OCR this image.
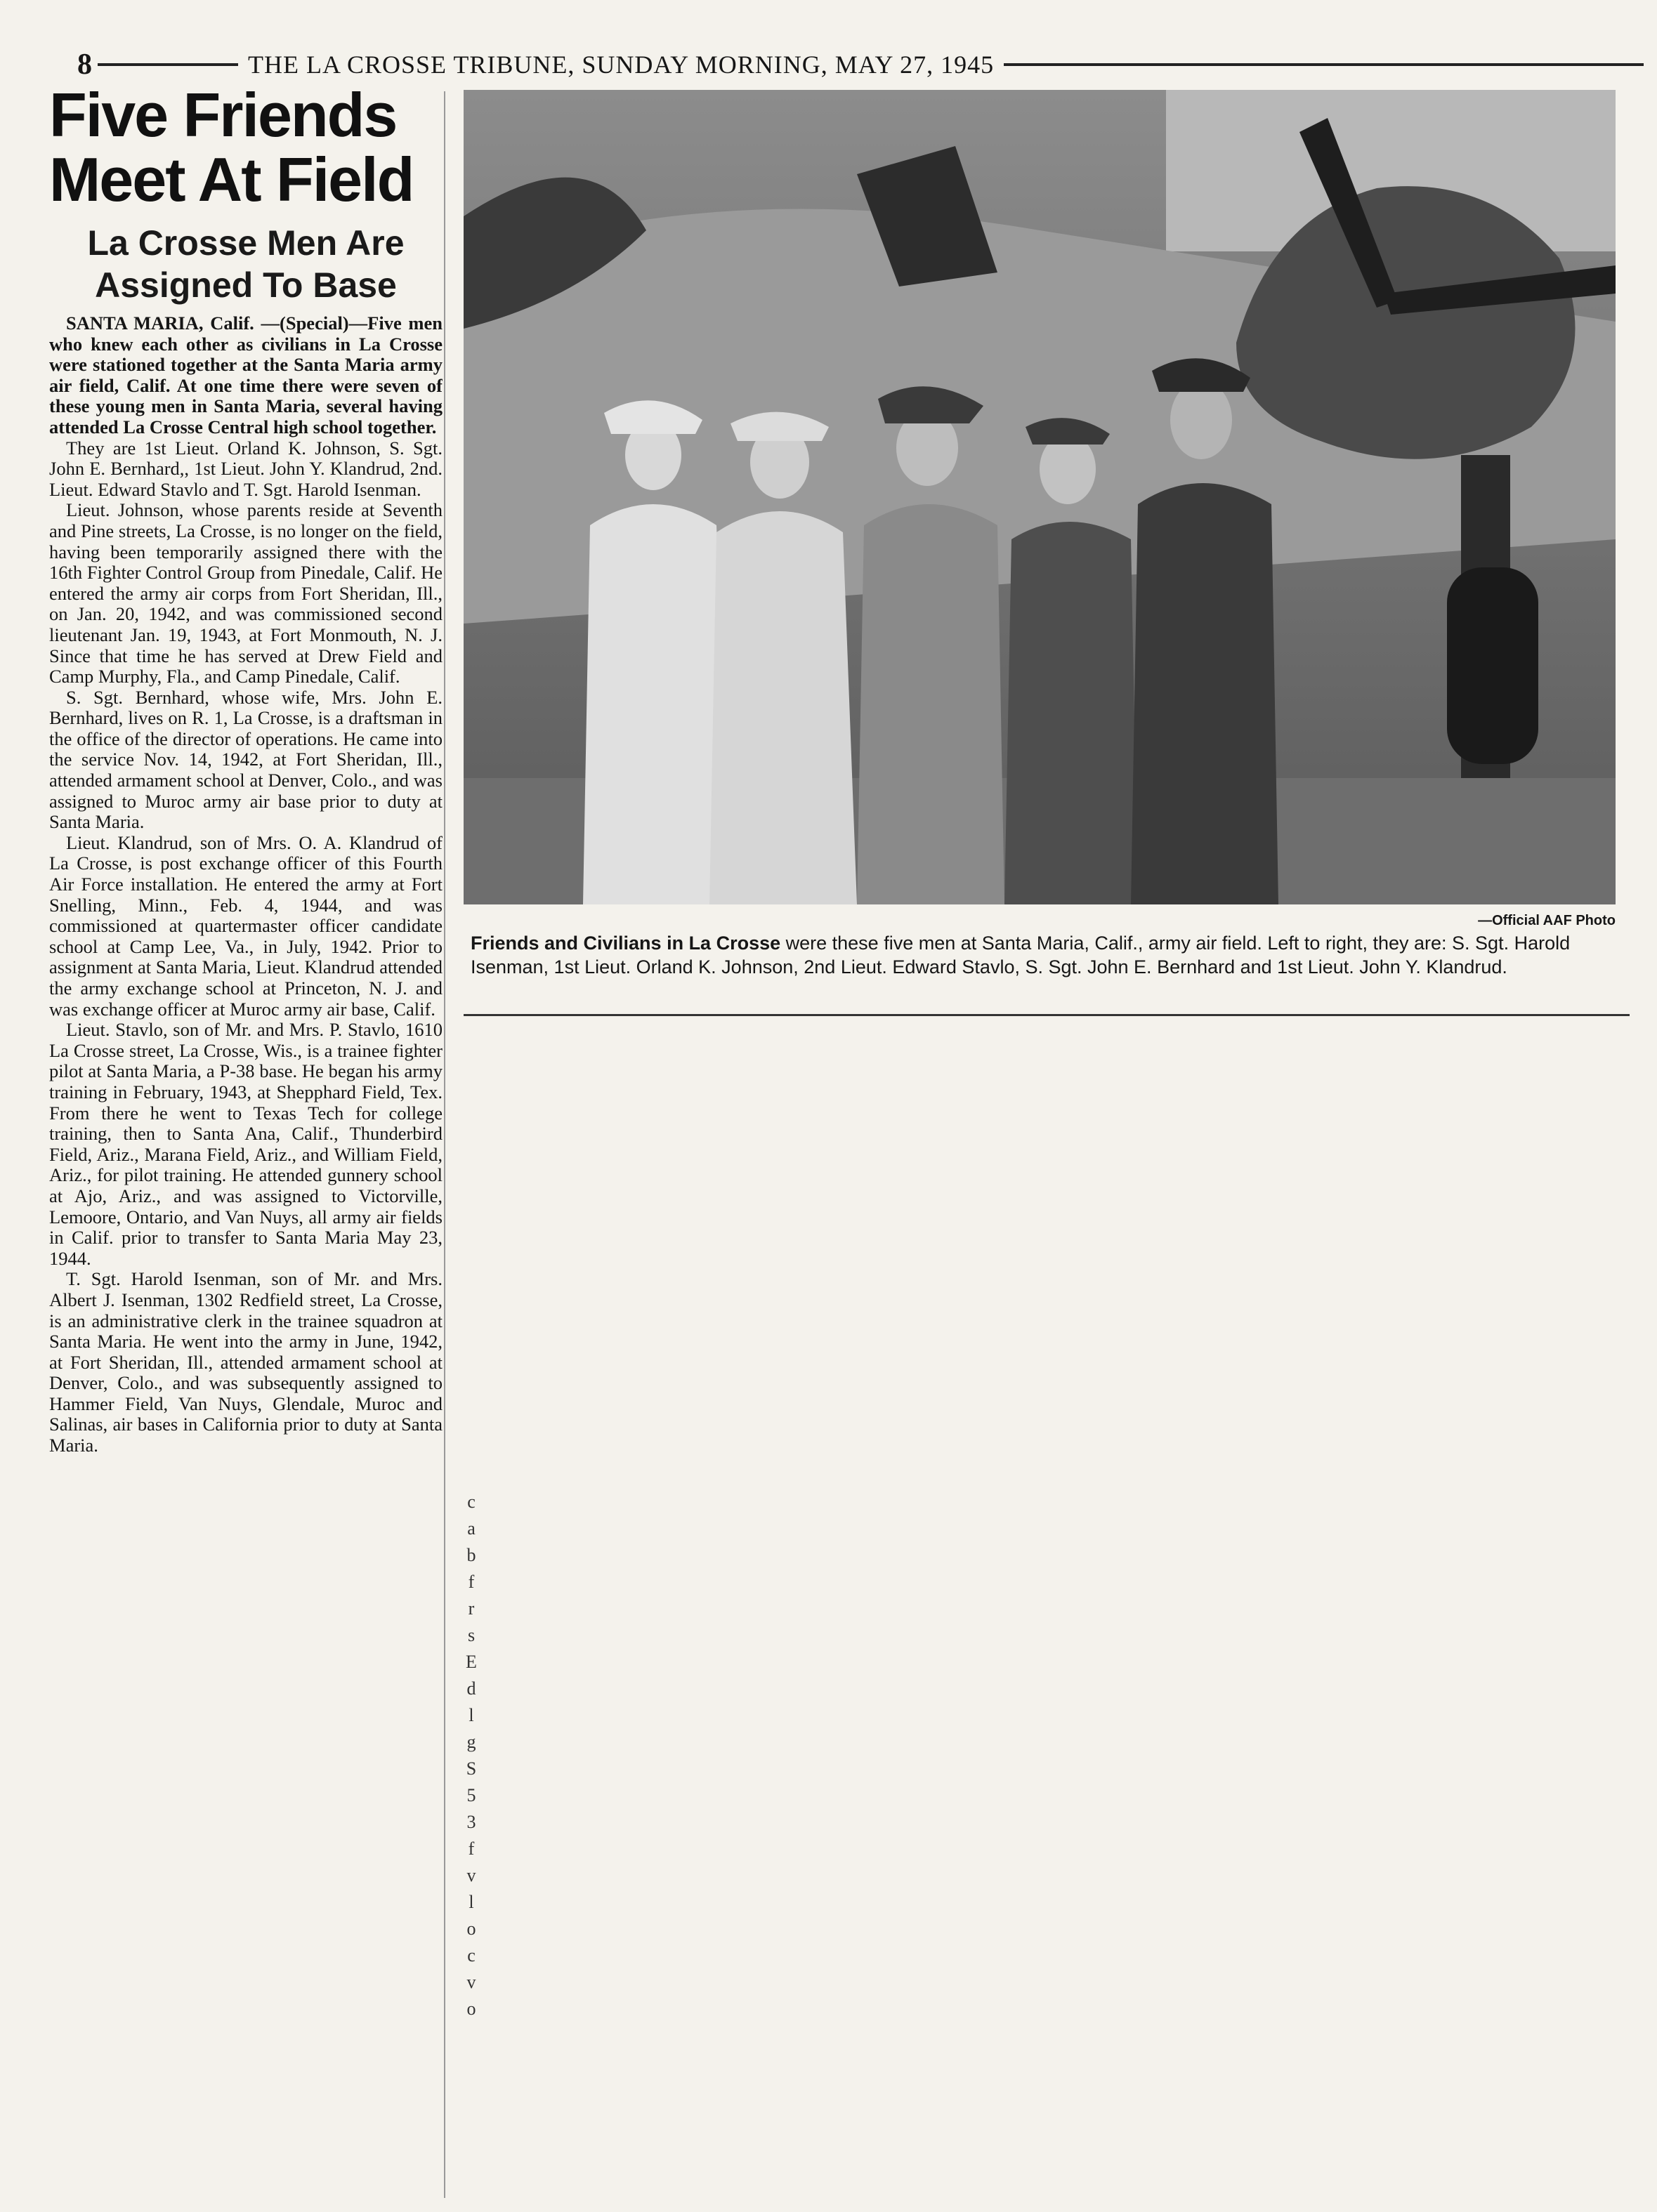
8	THE LA CROSSE TRIBUNE, SUNDAY MORNING, MAY 27, 1945
Five Friends
Meet At Field
La Crosse Men Are
Assigned To Base

SANTA MARIA, Calif. —(Special)—Five men who knew each other as civilians in La Crosse were stationed together at the Santa Maria army air field, Calif. At one time there were seven of these young men in Santa Maria, several having attended La Crosse Central high school together.

They are 1st Lieut. Orland K. Johnson, S. Sgt. John E. Bernhard,, 1st Lieut. John Y. Klandrud, 2nd. Lieut. Edward Stavlo and T. Sgt. Harold Isenman.

Lieut. Johnson, whose parents reside at Seventh and Pine streets, La Crosse, is no longer on the field, having been temporarily assigned there with the 16th Fighter Control Group from Pinedale, Calif. He entered the army air corps from Fort Sheridan, Ill., on Jan. 20, 1942, and was commissioned second lieutenant Jan. 19, 1943, at Fort Monmouth, N. J. Since that time he has served at Drew Field and Camp Murphy, Fla., and Camp Pinedale, Calif.

S. Sgt. Bernhard, whose wife, Mrs. John E. Bernhard, lives on R. 1, La Crosse, is a draftsman in the office of the director of operations. He came into the service Nov. 14, 1942, at Fort Sheridan, Ill., attended armament school at Denver, Colo., and was assigned to Muroc army air base prior to duty at Santa Maria.

Lieut. Klandrud, son of Mrs. O. A. Klandrud of La Crosse, is post exchange officer of this Fourth Air Force installation. He entered the army at Fort Snelling, Minn., Feb. 4, 1944, and was commissioned at quartermaster officer candidate school at Camp Lee, Va., in July, 1942. Prior to assignment at Santa Maria, Lieut. Klandrud attended the army exchange school at Princeton, N. J. and was exchange officer at Muroc army air base, Calif.

Lieut. Stavlo, son of Mr. and Mrs. P. Stavlo, 1610 La Crosse street, La Crosse, Wis., is a trainee fighter pilot at Santa Maria, a P-38 base. He began his army training in February, 1943, at Shepphard Field, Tex. From there he went to Texas Tech for college training, then to Santa Ana, Calif., Thunderbird Field, Ariz., Marana Field, Ariz., and William Field, Ariz., for pilot training. He attended gunnery school at Ajo, Ariz., and was assigned to Victorville, Lemoore, Ontario, and Van Nuys, all army air fields in Calif. prior to transfer to Santa Maria May 23, 1944.

T. Sgt. Harold Isenman, son of Mr. and Mrs. Albert J. Isenman, 1302 Redfield street, La Crosse, is an administrative clerk in the trainee squadron at Santa Maria. He went into the army in June, 1942, at Fort Sheridan, Ill., attended armament school at Denver, Colo., and was subsequently assigned to Hammer Field, Van Nuys, Glendale, Muroc and Salinas, air bases in California prior to duty at Santa Maria.

—Official AAF Photo
Friends and Civilians in La Crosse were these five men at Santa Maria, Calif., army air field. Left to right, they are: S. Sgt. Harold Isenman, 1st Lieut. Orland K. Johnson, 2nd Lieut. Edward Stavlo, S. Sgt. John E. Bernhard and 1st Lieut. John Y. Klandrud.
c
a
b
f
r
s
E
d
l
g
S
5
3
f
v
l
o
c
v
o
